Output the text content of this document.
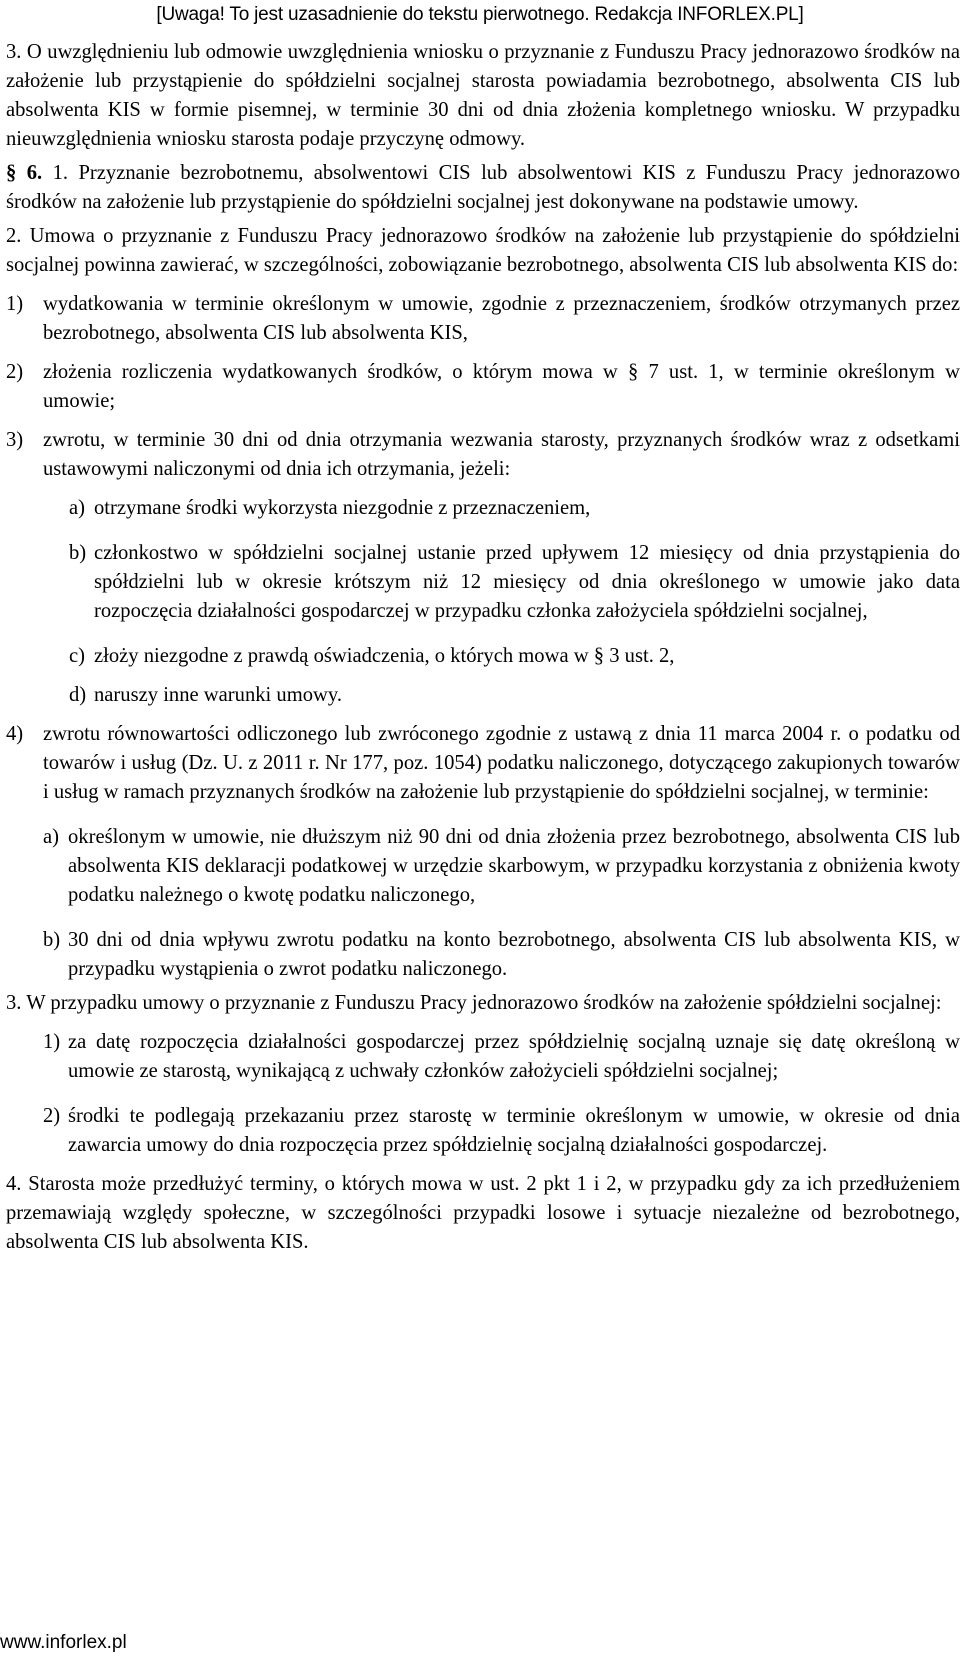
[Uwaga! To jest uzasadnienie do tekstu pierwotnego. Redakcja INFORLEX.PL]

3. O uwzględnieniu lub odmowie uwzględnienia wniosku o przyznanie z Funduszu Pracy jednorazowo środków na założenie lub przystąpienie do spółdzielni socjalnej starosta powiadamia bezrobotnego, absolwenta CIS lub absolwenta KIS w formie pisemnej, w terminie 30 dni od dnia złożenia kompletnego wniosku. W przypadku nieuwzględnienia wniosku starosta podaje przyczynę odmowy.

§ 6. 1. Przyznanie bezrobotnemu, absolwentowi CIS lub absolwentowi KIS z Funduszu Pracy jednorazowo środków na założenie lub przystąpienie do spółdzielni socjalnej jest dokonywane na podstawie umowy.

2. Umowa o przyznanie z Funduszu Pracy jednorazowo środków na założenie lub przystąpienie do spółdzielni socjalnej powinna zawierać, w szczególności, zobowiązanie bezrobotnego, absolwenta CIS lub absolwenta KIS do:

1) wydatkowania w terminie określonym w umowie, zgodnie z przeznaczeniem, środków otrzymanych przez bezrobotnego, absolwenta CIS lub absolwenta KIS,
2) złożenia rozliczenia wydatkowanych środków, o którym mowa w § 7 ust. 1, w terminie określonym w umowie;
3) zwrotu, w terminie 30 dni od dnia otrzymania wezwania starosty, przyznanych środków wraz z odsetkami ustawowymi naliczonymi od dnia ich otrzymania, jeżeli:
a) otrzymane środki wykorzysta niezgodnie z przeznaczeniem,
b) członkostwo w spółdzielni socjalnej ustanie przed upływem 12 miesięcy od dnia przystąpienia do spółdzielni lub w okresie krótszym niż 12 miesięcy od dnia określonego w umowie jako data rozpoczęcia działalności gospodarczej w przypadku członka założyciela spółdzielni socjalnej,
c) złoży niezgodne z prawdą oświadczenia, o których mowa w § 3 ust. 2,
d) naruszy inne warunki umowy.
4) zwrotu równowartości odliczonego lub zwróconego zgodnie z ustawą z dnia 11 marca 2004 r. o podatku od towarów i usług (Dz. U. z 2011 r. Nr 177, poz. 1054) podatku naliczonego, dotyczącego zakupionych towarów i usług w ramach przyznanych środków na założenie lub przystąpienie do spółdzielni socjalnej, w terminie:
a) określonym w umowie, nie dłuższym niż 90 dni od dnia złożenia przez bezrobotnego, absolwenta CIS lub absolwenta KIS deklaracji podatkowej w urzędzie skarbowym, w przypadku korzystania z obniżenia kwoty podatku należnego o kwotę podatku naliczonego,
b) 30 dni od dnia wpływu zwrotu podatku na konto bezrobotnego, absolwenta CIS lub absolwenta KIS, w przypadku wystąpienia o zwrot podatku naliczonego.

3. W przypadku umowy o przyznanie z Funduszu Pracy jednorazowo środków na założenie spółdzielni socjalnej:

1) za datę rozpoczęcia działalności gospodarczej przez spółdzielnię socjalną uznaje się datę określoną w umowie ze starostą, wynikającą z uchwały członków założycieli spółdzielni socjalnej;
2) środki te podlegają przekazaniu przez starostę w terminie określonym w umowie, w okresie od dnia zawarcia umowy do dnia rozpoczęcia przez spółdzielnię socjalną działalności gospodarczej.

4. Starosta może przedłużyć terminy, o których mowa w ust. 2 pkt 1 i 2, w przypadku gdy za ich przedłużeniem przemawiają względy społeczne, w szczególności przypadki losowe i sytuacje niezależne od bezrobotnego, absolwenta CIS lub absolwenta KIS.

www.inforlex.pl
